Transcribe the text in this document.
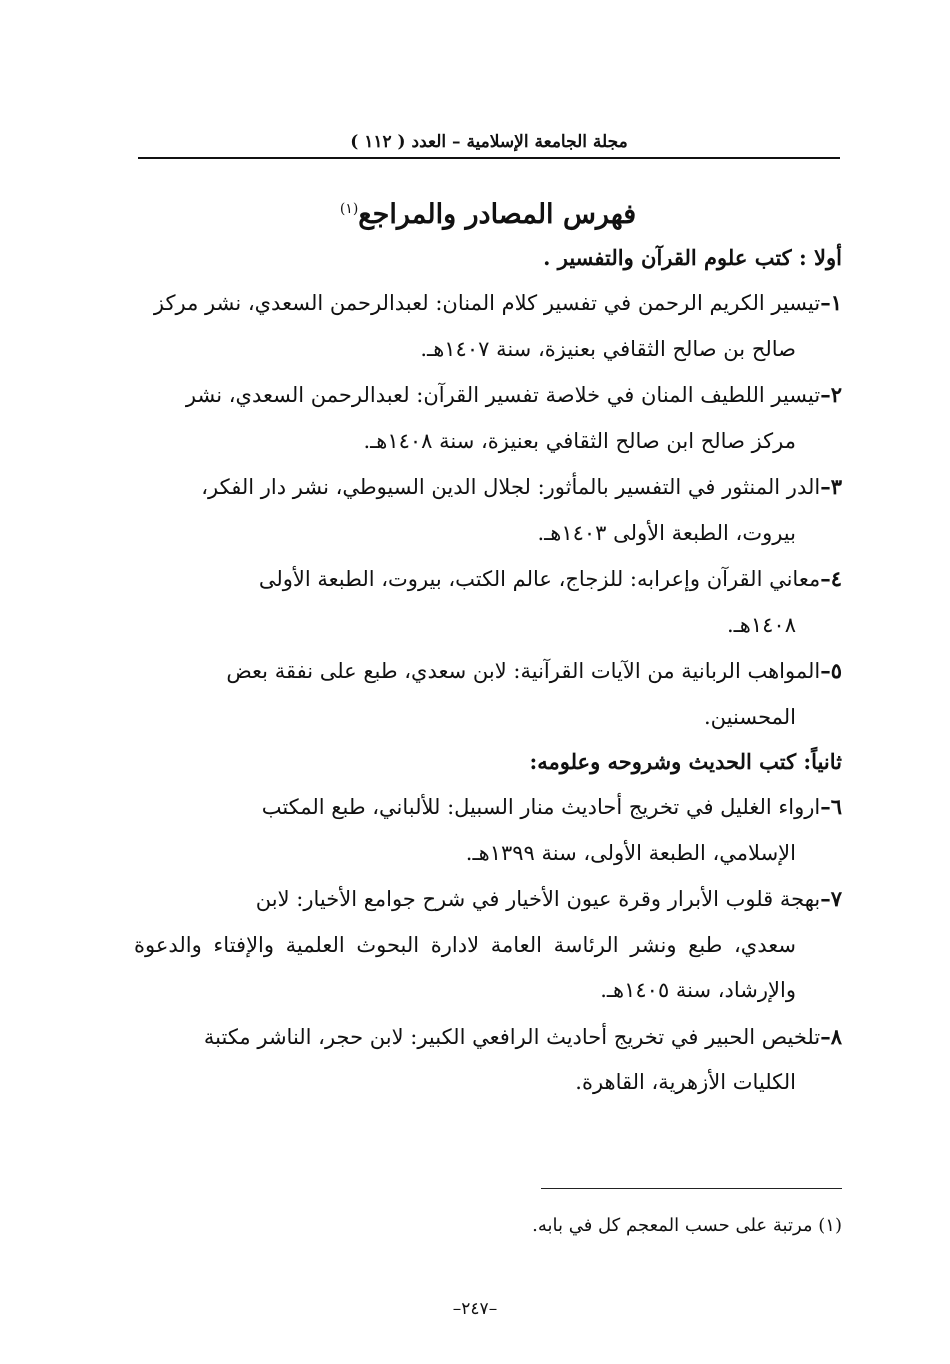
مجلة الجامعة الإسلامية – العدد ( ١١٢ )
فهرس المصادر والمراجع$^{(١)}$
أولا : كتب علوم القرآن والتفسير .

١–تيسير الكريم الرحمن في تفسير كلام المنان: لعبدالرحمن السعدي، نشر مركز
صالح بن صالح الثقافي بعنيزة، سنة ١٤٠٧هـ.

٢–تيسير اللطيف المنان في خلاصة تفسير القرآن: لعبدالرحمن السعدي، نشر
مركز صالح ابن صالح الثقافي بعنيزة، سنة ١٤٠٨هـ.

٣–الدر المنثور في التفسير بالمأثور: لجلال الدين السيوطي، نشر دار الفكر،
بيروت، الطبعة الأولى ١٤٠٣هـ.

٤–معاني القرآن وإعرابه: للزجاج، عالم الكتب، بيروت، الطبعة الأولى
١٤٠٨هـ.

٥–المواهب الربانية من الآيات القرآنية: لابن سعدي، طبع على نفقة بعض
المحسنين.

ثانياً: كتب الحديث وشروحه وعلومه:

٦–ارواء الغليل في تخريج أحاديث منار السبيل: للألباني، طبع المكتب
الإسلامي، الطبعة الأولى، سنة ١٣٩٩هـ.

٧–بهجة قلوب الأبرار وقرة عيون الأخيار في شرح جوامع الأخيار: لابن
سعدي، طبع ونشر الرئاسة العامة لادارة البحوث العلمية والإفتاء والدعوة والإرشاد، سنة ١٤٠٥هـ.

٨–تلخيص الحبير في تخريج أحاديث الرافعي الكبير: لابن حجر، الناشر مكتبة
الكليات الأزهرية، القاهرة.

(١) مرتبة على حسب المعجم كل في بابه.
–٢٤٧–
